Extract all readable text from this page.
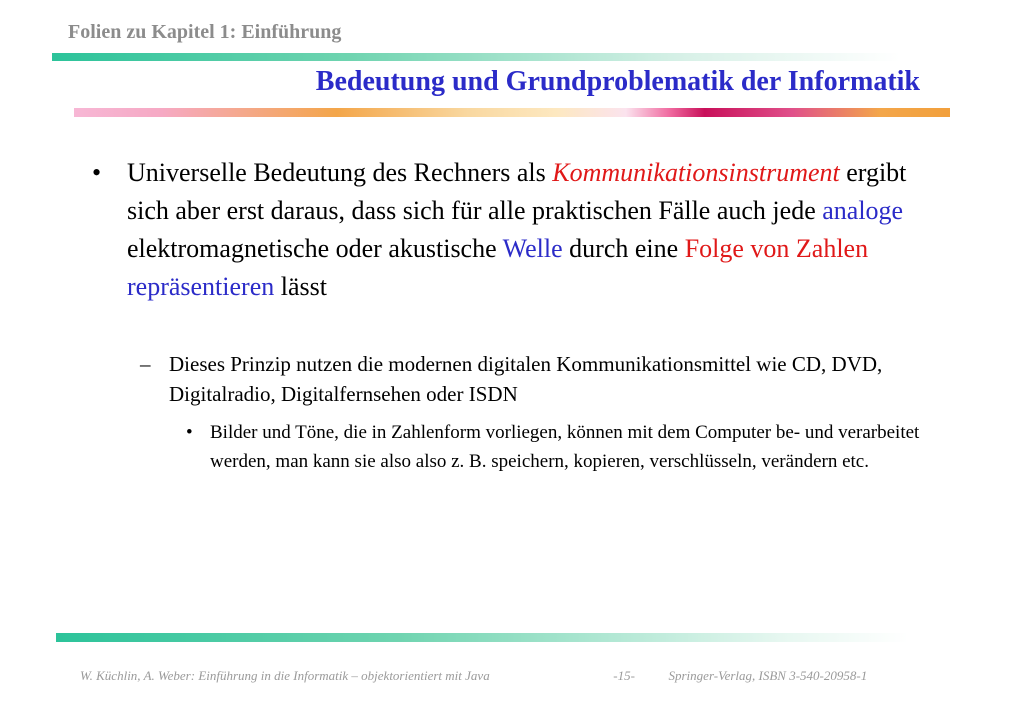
Folien zu Kapitel 1: Einführung
Bedeutung und Grundproblematik der Informatik
• Universelle Bedeutung des Rechners als Kommunikationsinstrument ergibt sich aber erst daraus, dass sich für alle praktischen Fälle auch jede analoge elektromagnetische oder akustische Welle durch eine Folge von Zahlen repräsentieren lässt
– Dieses Prinzip nutzen die modernen digitalen Kommunikationsmittel wie CD, DVD, Digitalradio, Digitalfernsehen oder ISDN
• Bilder und Töne, die in Zahlenform vorliegen, können mit dem Computer be- und verarbeitet werden, man kann sie also also z. B. speichern, kopieren, verschlüsseln, verändern etc.
W. Küchlin, A. Weber: Einführung in die Informatik – objektorientiert mit Java	-15-	Springer-Verlag, ISBN 3-540-20958-1
